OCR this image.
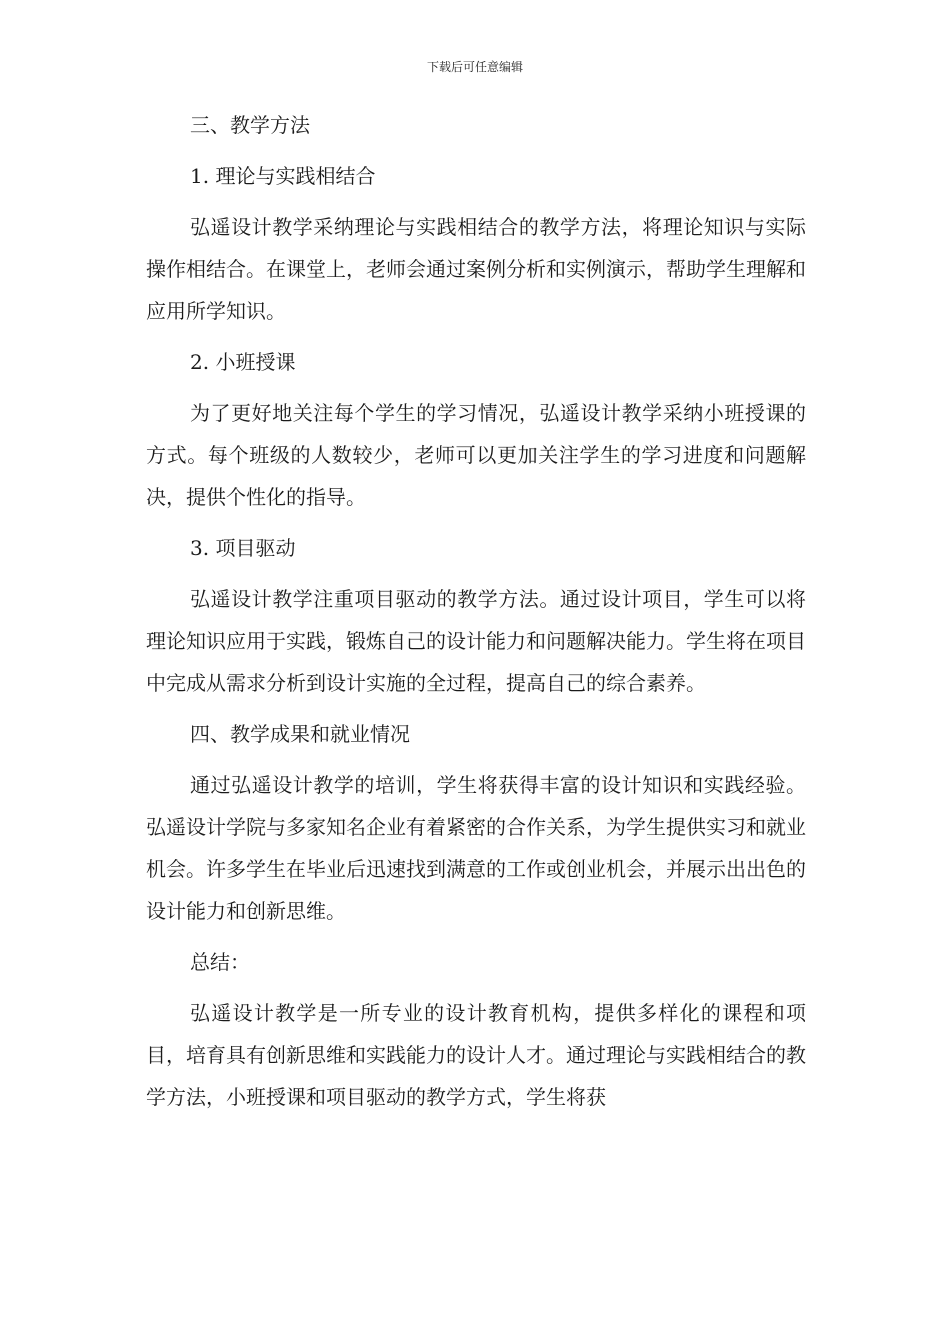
下载后可任意编辑
三、教学方法
1. 理论与实践相结合

弘遥设计教学采纳理论与实践相结合的教学方法，将理论知识与实际操作相结合。在课堂上，老师会通过案例分析和实例演示，帮助学生理解和应用所学知识。

2. 小班授课

为了更好地关注每个学生的学习情况，弘遥设计教学采纳小班授课的方式。每个班级的人数较少，老师可以更加关注学生的学习进度和问题解决，提供个性化的指导。

3. 项目驱动

弘遥设计教学注重项目驱动的教学方法。通过设计项目，学生可以将理论知识应用于实践，锻炼自己的设计能力和问题解决能力。学生将在项目中完成从需求分析到设计实施的全过程，提高自己的综合素养。

四、教学成果和就业情况

通过弘遥设计教学的培训，学生将获得丰富的设计知识和实践经验。弘遥设计学院与多家知名企业有着紧密的合作关系，为学生提供实习和就业机会。许多学生在毕业后迅速找到满意的工作或创业机会，并展示出出色的设计能力和创新思维。

总结：

弘遥设计教学是一所专业的设计教育机构，提供多样化的课程和项目，培育具有创新思维和实践能力的设计人才。通过理论与实践相结合的教学方法，小班授课和项目驱动的教学方式，学生将获
